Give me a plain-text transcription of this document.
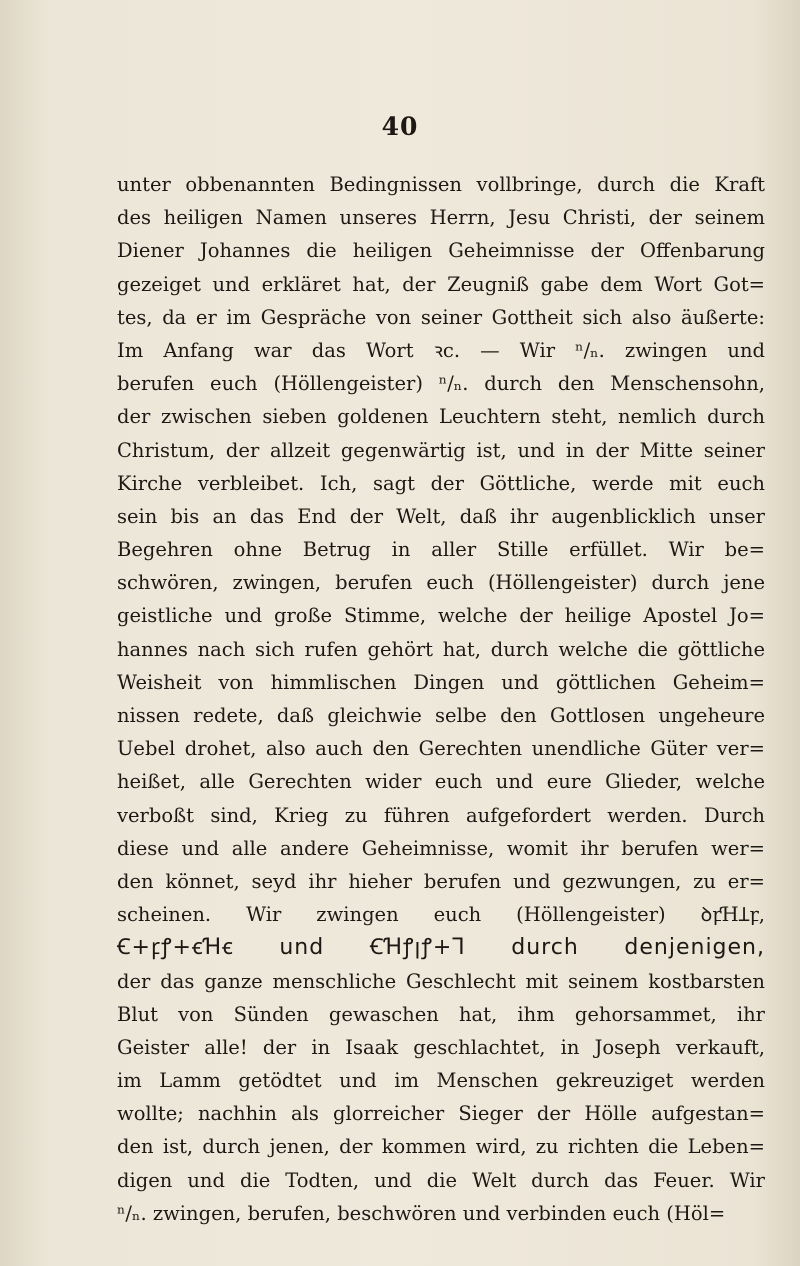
40
unter obbenannten Bedingnissen vollbringe, durch die Kraft
des heiligen Namen unseres Herrn, Jesu Christi, der seinem
Diener Johannes die heiligen Geheimnisse der Offenbarung
gezeiget und erkläret hat, der Zeugniß gabe dem Wort Got=
tes, da er im Gespräche von seiner Gottheit sich also äußerte:
Im Anfang war das Wort ꝛc. — Wir ⁿ/ₙ. zwingen und
berufen euch (Höllengeister) ⁿ/ₙ. durch den Menschensohn,
der zwischen sieben goldenen Leuchtern steht, nemlich durch
Christum, der allzeit gegenwärtig ist, und in der Mitte seiner
Kirche verbleibet. Ich, sagt der Göttliche, werde mit euch
sein bis an das End der Welt, daß ihr augenblicklich unser
Begehren ohne Betrug in aller Stille erfüllet. Wir be=
schwören, zwingen, berufen euch (Höllengeister) durch jene
geistliche und große Stimme, welche der heilige Apostel Jo=
hannes nach sich rufen gehört hat, durch welche die göttliche
Weisheit von himmlischen Dingen und göttlichen Geheim=
nissen redete, daß gleichwie selbe den Gottlosen ungeheure
Uebel drohet, also auch den Gerechten unendliche Güter ver=
heißet, alle Gerechten wider euch und eure Glieder, welche
verboßt sind, Krieg zu führen aufgefordert werden. Durch
diese und alle andere Geheimnisse, womit ihr berufen wer=
den könnet, seyd ihr hieher berufen und gezwungen, zu er=
scheinen. Wir zwingen euch (Höllengeister) ꝺꝼꞪꞱꝼ,
Ꞓ+ꝼꝭ+ꞓꞪꞓ und ꞒꞪꝭꞁꝭ+Ꞁ durch denjenigen,
der das ganze menschliche Geschlecht mit seinem kostbarsten
Blut von Sünden gewaschen hat, ihm gehorsammet, ihr
Geister alle! der in Isaak geschlachtet, in Joseph verkauft,
im Lamm getödtet und im Menschen gekreuziget werden
wollte; nachhin als glorreicher Sieger der Hölle aufgestan=
den ist, durch jenen, der kommen wird, zu richten die Leben=
digen und die Todten, und die Welt durch das Feuer. Wir
ⁿ/ₙ. zwingen, berufen, beschwören und verbinden euch (Höl=
